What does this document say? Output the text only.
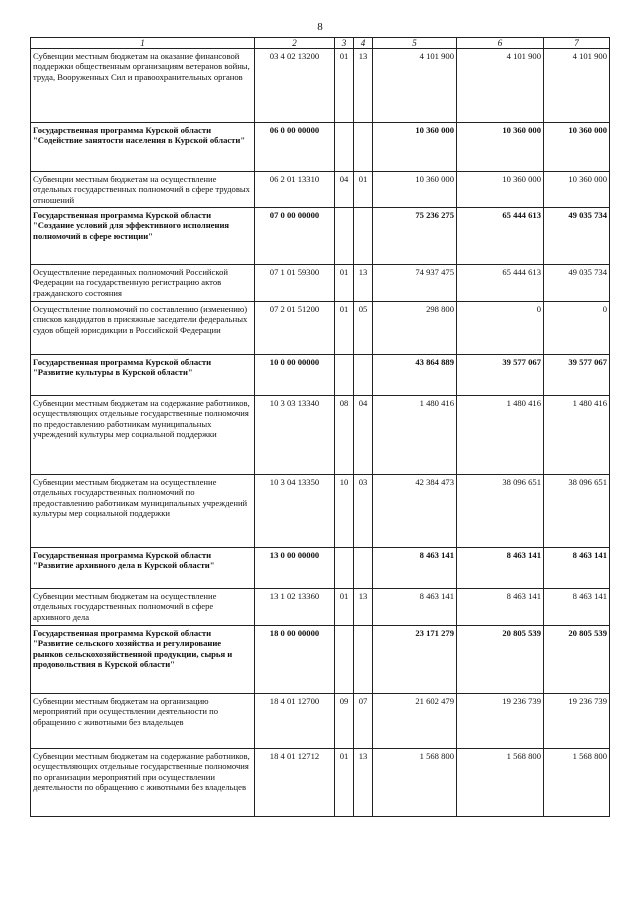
8
1	2	3	4	5	6	7
Субвенции местным бюджетам на оказание финансовой поддержки общественным организациям ветеранов войны, труда, Вооруженных Сил и правоохранительных органов	03 4 02 13200	01	13	4 101 900	4 101 900	4 101 900
Государственная программа Курской области "Содействие занятости населения в Курской области"	06 0 00 00000			10 360 000	10 360 000	10 360 000
Субвенции местным бюджетам на осуществление отдельных государственных полномочий в сфере трудовых отношений	06 2 01 13310	04	01	10 360 000	10 360 000	10 360 000
Государственная программа Курской области "Создание условий для эффективного исполнения полномочий в сфере юстиции"	07 0 00 00000			75 236 275	65 444 613	49 035 734
Осуществление переданных полномочий Российской Федерации на государственную регистрацию актов гражданского состояния	07 1 01 59300	01	13	74 937 475	65 444 613	49 035 734
Осуществление полномочий по составлению (изменению) списков кандидатов в присяжные заседатели федеральных судов общей юрисдикции в Российской Федерации	07 2 01 51200	01	05	298 800	0	0
Государственная программа Курской области "Развитие культуры в Курской области"	10 0 00 00000			43 864 889	39 577 067	39 577 067
Субвенции местным бюджетам на содержание работников, осуществляющих отдельные государственные полномочия по предоставлению работникам муниципальных учреждений культуры мер социальной поддержки	10 3 03 13340	08	04	1 480 416	1 480 416	1 480 416
Субвенции местным бюджетам на осуществление отдельных государственных полномочий по предоставлению работникам муниципальных учреждений культуры мер социальной поддержки	10 3 04 13350	10	03	42 384 473	38 096 651	38 096 651
Государственная программа Курской области "Развитие архивного дела в Курской области"	13 0 00 00000			8 463 141	8 463 141	8 463 141
Субвенции местным бюджетам на осуществление отдельных государственных полномочий в сфере архивного дела	13 1 02 13360	01	13	8 463 141	8 463 141	8 463 141
Государственная программа Курской области "Развитие сельского хозяйства и регулирование рынков сельскохозяйственной продукции, сырья и продовольствия в Курской области"	18 0 00 00000			23 171 279	20 805 539	20 805 539
Субвенции местным бюджетам на организацию мероприятий при осуществлении деятельности по обращению с животными без владельцев	18 4 01 12700	09	07	21 602 479	19 236 739	19 236 739
Субвенции местным бюджетам на содержание работников, осуществляющих отдельные государственные полномочия по организации мероприятий при осуществлении деятельности по обращению с животными без владельцев	18 4 01 12712	01	13	1 568 800	1 568 800	1 568 800
